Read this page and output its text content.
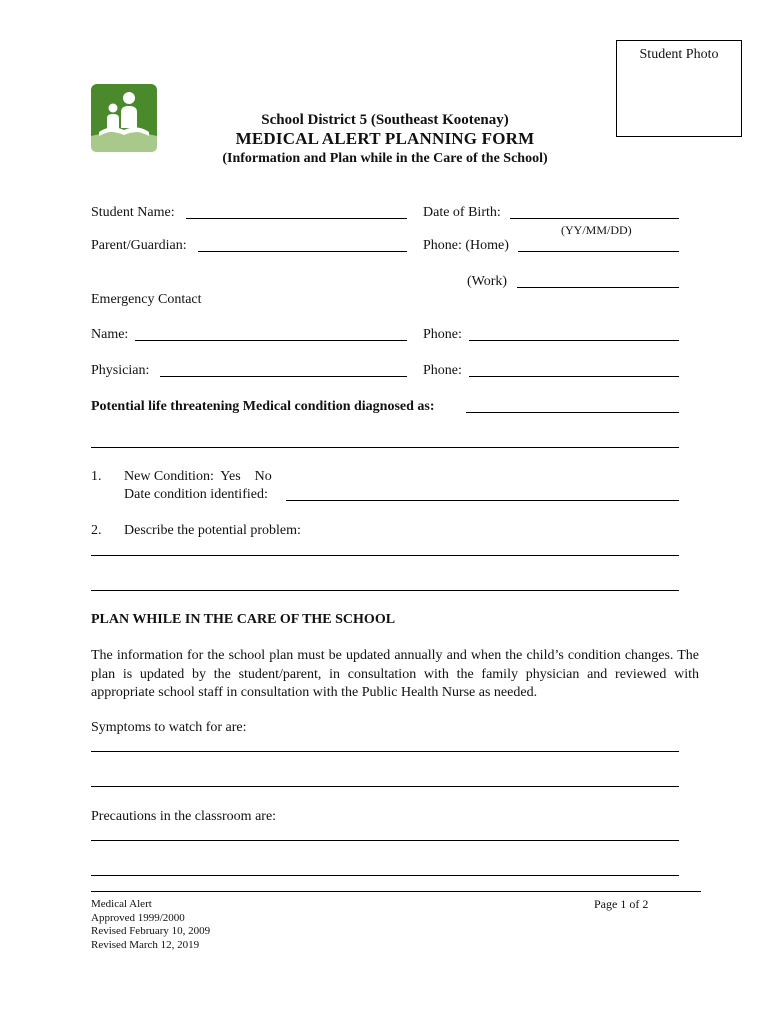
Student Photo
School District 5 (Southeast Kootenay)
MEDICAL ALERT PLANNING FORM
(Information and Plan while in the Care of the School)
Student Name:	Date of Birth:
(YY/MM/DD)
Parent/Guardian:	Phone: (Home)
(Work)
Emergency Contact
Name:	Phone:
Physician:	Phone:
Potential life threatening Medical condition diagnosed as:
1. New Condition:  Yes    No
Date condition identified:
2. Describe the potential problem:
PLAN WHILE IN THE CARE OF THE SCHOOL
The information for the school plan must be updated annually and when the child’s condition changes. The plan is updated by the student/parent, in consultation with the family physician and reviewed with appropriate school staff in consultation with the Public Health Nurse as needed.
Symptoms to watch for are:
Precautions in the classroom are:
Medical Alert
Approved 1999/2000
Revised February 10, 2009
Revised March 12, 2019
Page 1 of 2
